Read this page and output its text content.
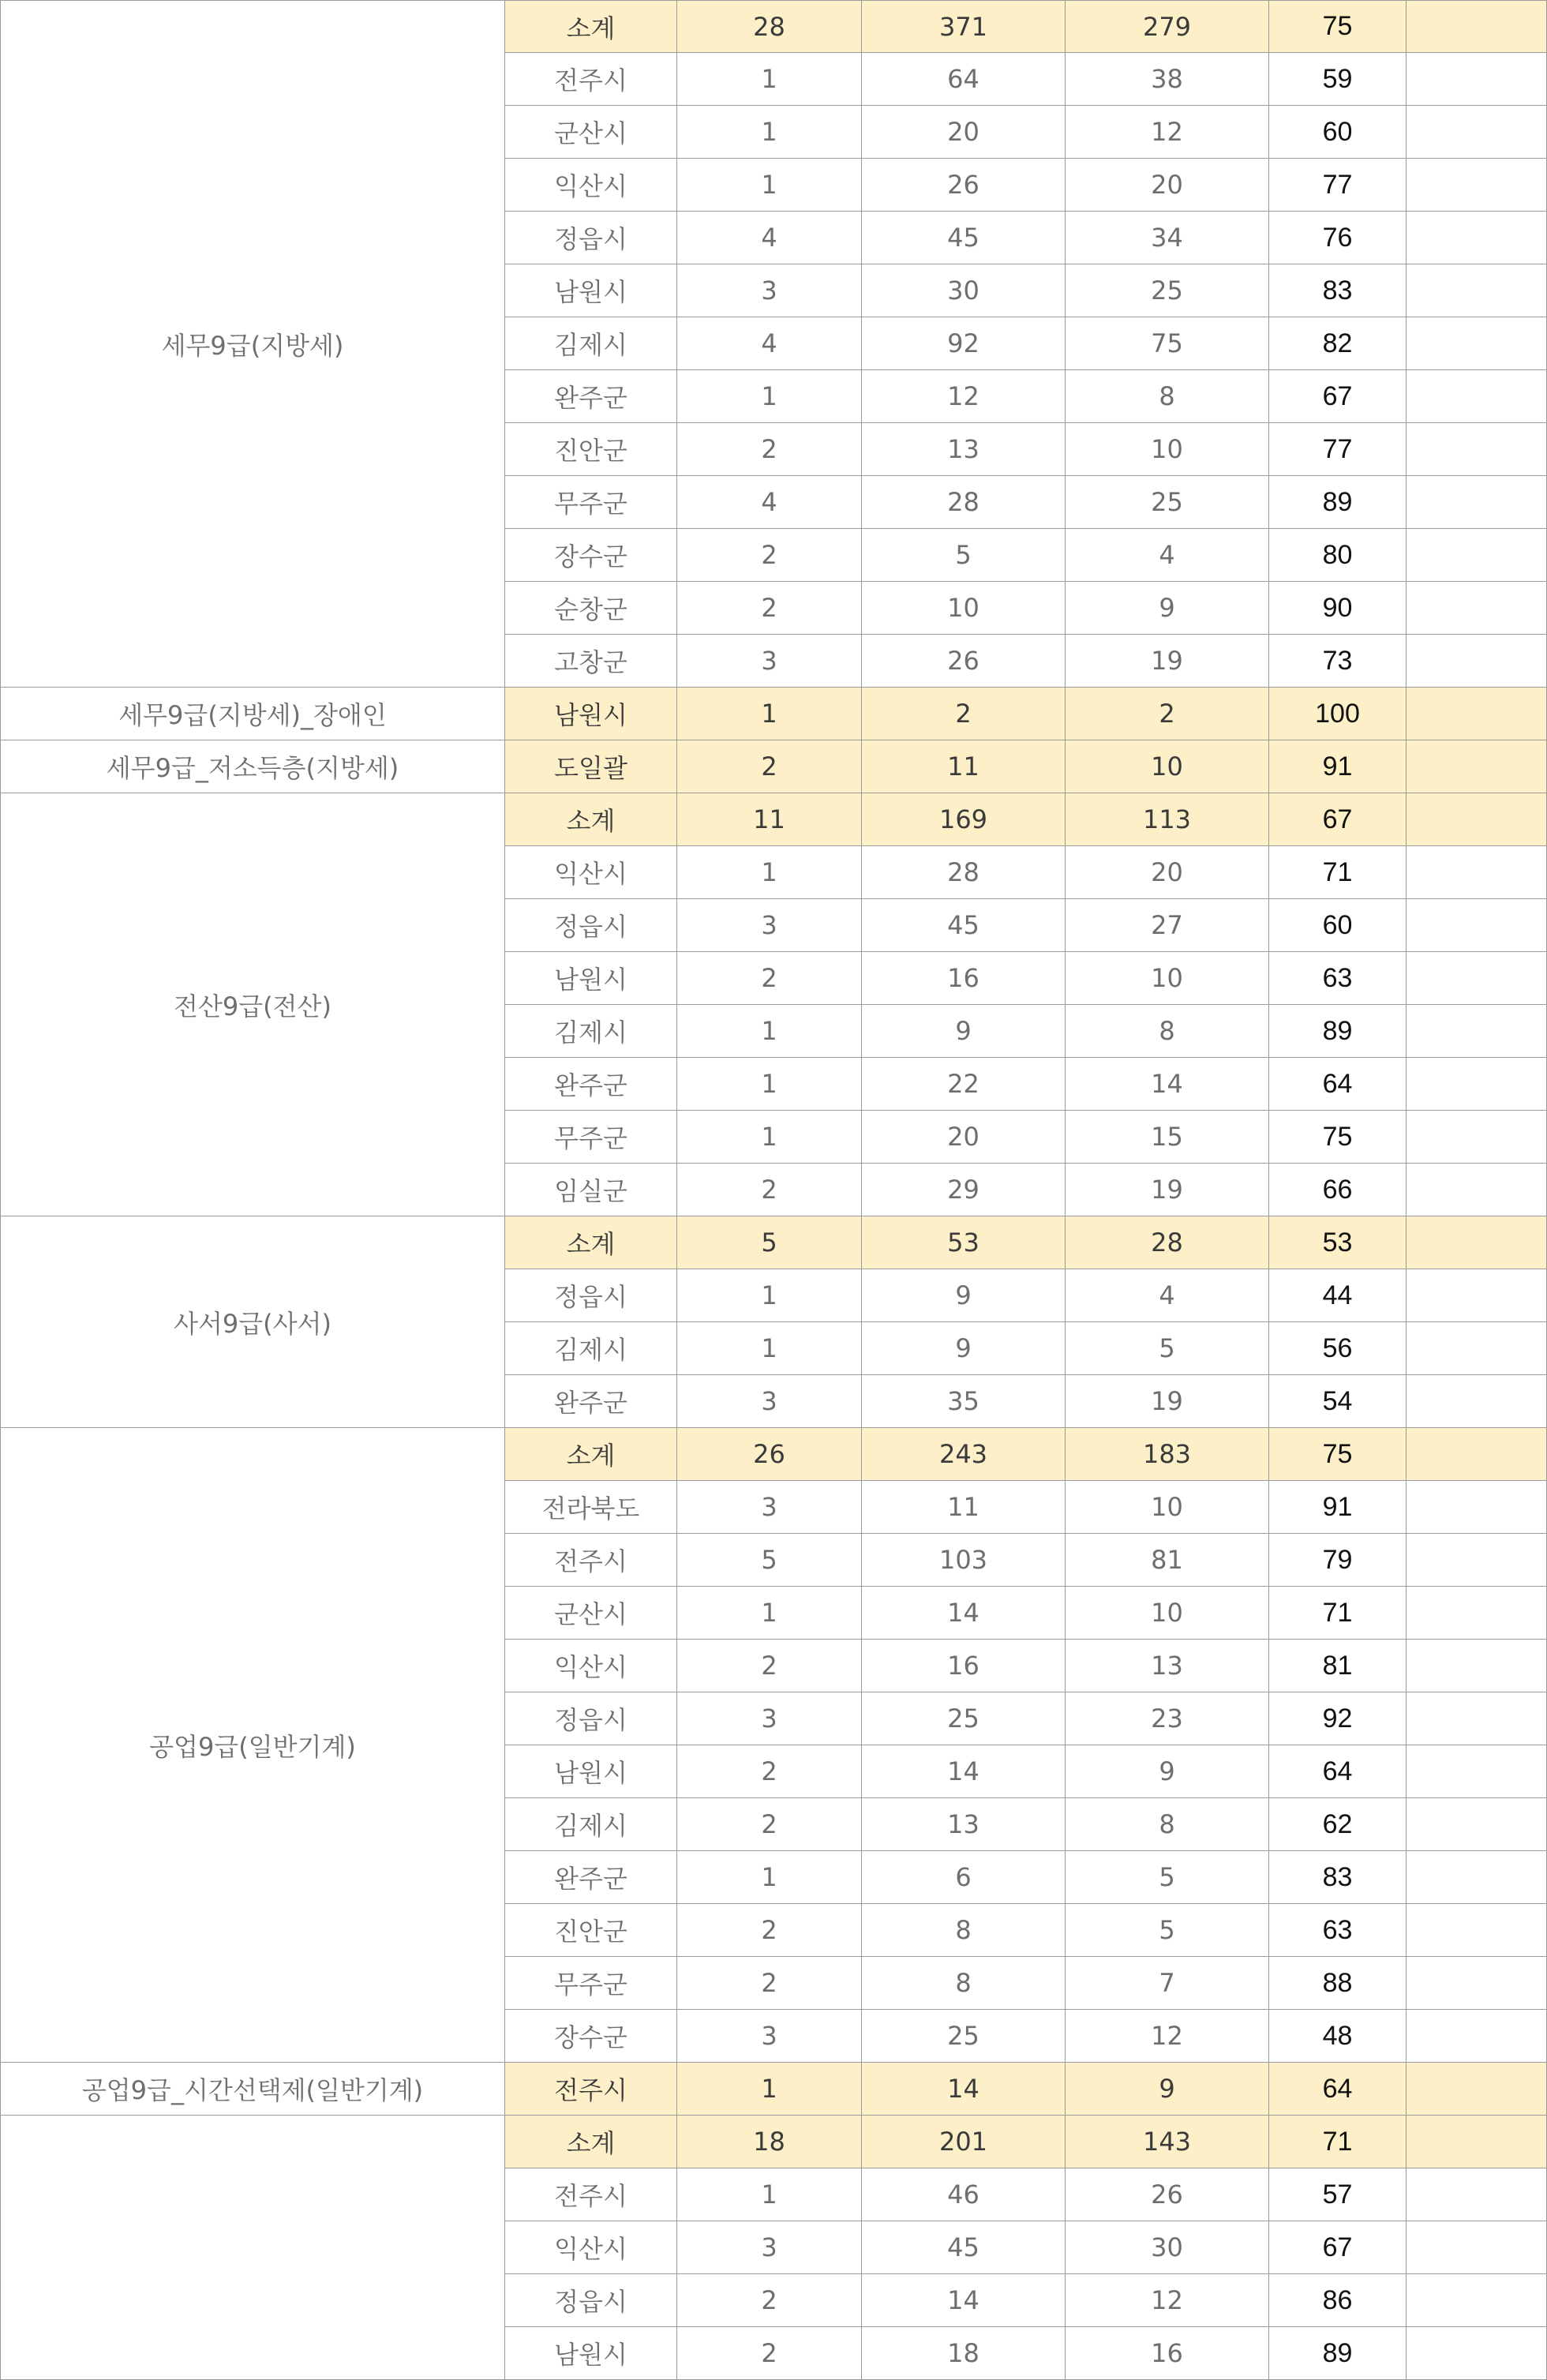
세무9급(지방세)
소계	28	371	279	75
전주시	1	64	38	59
군산시	1	20	12	60
익산시	1	26	20	77
정읍시	4	45	34	76
남원시	3	30	25	83
김제시	4	92	75	82
완주군	1	12	8	67
진안군	2	13	10	77
무주군	4	28	25	89
장수군	2	5	4	80
순창군	2	10	9	90
고창군	3	26	19	73
세무9급(지방세)_장애인	남원시	1	2	2	100
세무9급_저소득층(지방세)	도일괄	2	11	10	91
전산9급(전산)
소계	11	169	113	67
익산시	1	28	20	71
정읍시	3	45	27	60
남원시	2	16	10	63
김제시	1	9	8	89
완주군	1	22	14	64
무주군	1	20	15	75
임실군	2	29	19	66
사서9급(사서)
소계	5	53	28	53
정읍시	1	9	4	44
김제시	1	9	5	56
완주군	3	35	19	54
공업9급(일반기계)
소계	26	243	183	75
전라북도	3	11	10	91
전주시	5	103	81	79
군산시	1	14	10	71
익산시	2	16	13	81
정읍시	3	25	23	92
남원시	2	14	9	64
김제시	2	13	8	62
완주군	1	6	5	83
진안군	2	8	5	63
무주군	2	8	7	88
장수군	3	25	12	48
공업9급_시간선택제(일반기계)	전주시	1	14	9	64
소계	18	201	143	71
전주시	1	46	26	57
익산시	3	45	30	67
정읍시	2	14	12	86
남원시	2	18	16	89
